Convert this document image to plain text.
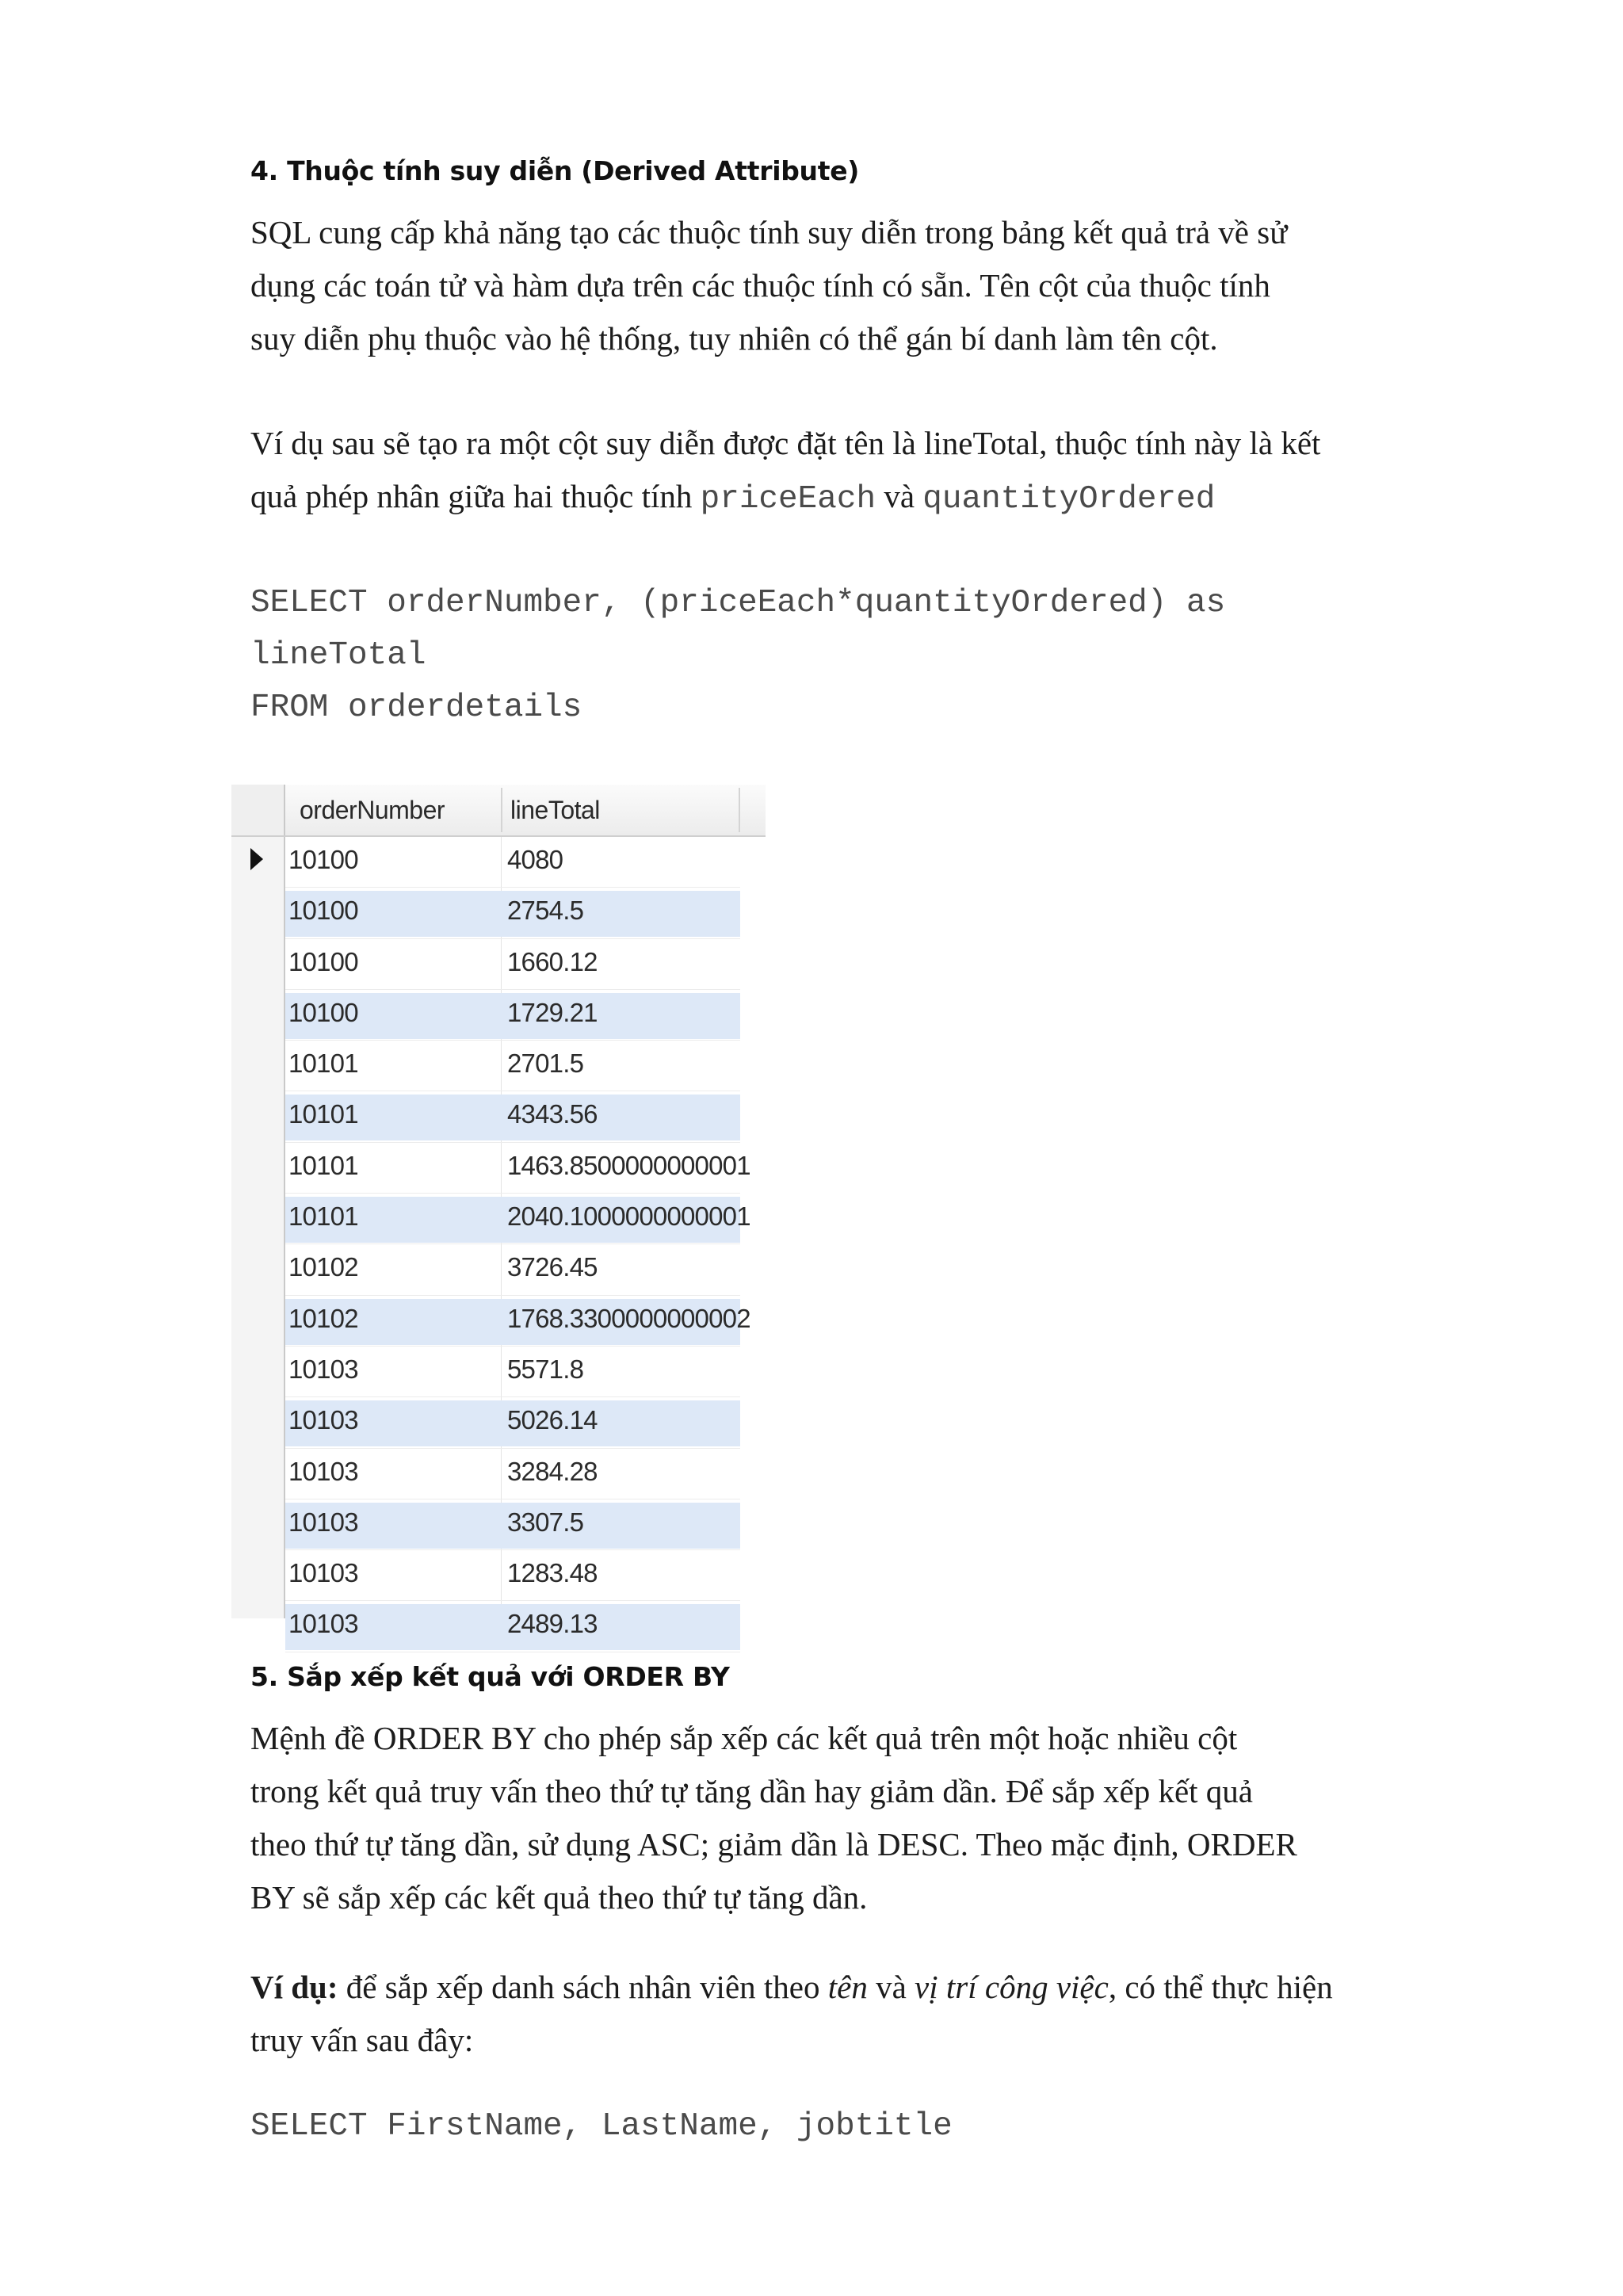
4. Thuộc tính suy diễn (Derived Attribute)
SQL cung cấp khả năng tạo các thuộc tính suy diễn trong bảng kết quả trả về sử
dụng các toán tử và hàm dựa trên các thuộc tính có sẵn. Tên cột của thuộc tính
suy diễn phụ thuộc vào hệ thống, tuy nhiên có thể gán bí danh làm tên cột.
Ví dụ sau sẽ tạo ra một cột suy diễn được đặt tên là lineTotal, thuộc tính này là kết
quả phép nhân giữa hai thuộc tính priceEach và quantityOrdered
SELECT orderNumber, (priceEach*quantityOrdered) as
lineTotal
FROM orderdetails
orderNumber	lineTotal
10100	4080
10100	2754.5
10100	1660.12
10100	1729.21
10101	2701.5
10101	4343.56
10101	1463.8500000000001
10101	2040.1000000000001
10102	3726.45
10102	1768.3300000000002
10103	5571.8
10103	5026.14
10103	3284.28
10103	3307.5
10103	1283.48
10103	2489.13
5. Sắp xếp kết quả với ORDER BY
Mệnh đề ORDER BY cho phép sắp xếp các kết quả trên một hoặc nhiều cột
trong kết quả truy vấn theo thứ tự tăng dần hay giảm dần. Để sắp xếp kết quả
theo thứ tự tăng dần, sử dụng ASC; giảm dần là DESC. Theo mặc định, ORDER
BY sẽ sắp xếp các kết quả theo thứ tự tăng dần.
Ví dụ: để sắp xếp danh sách nhân viên theo tên và vị trí công việc, có thể thực hiện
truy vấn sau đây:
SELECT FirstName, LastName, jobtitle
